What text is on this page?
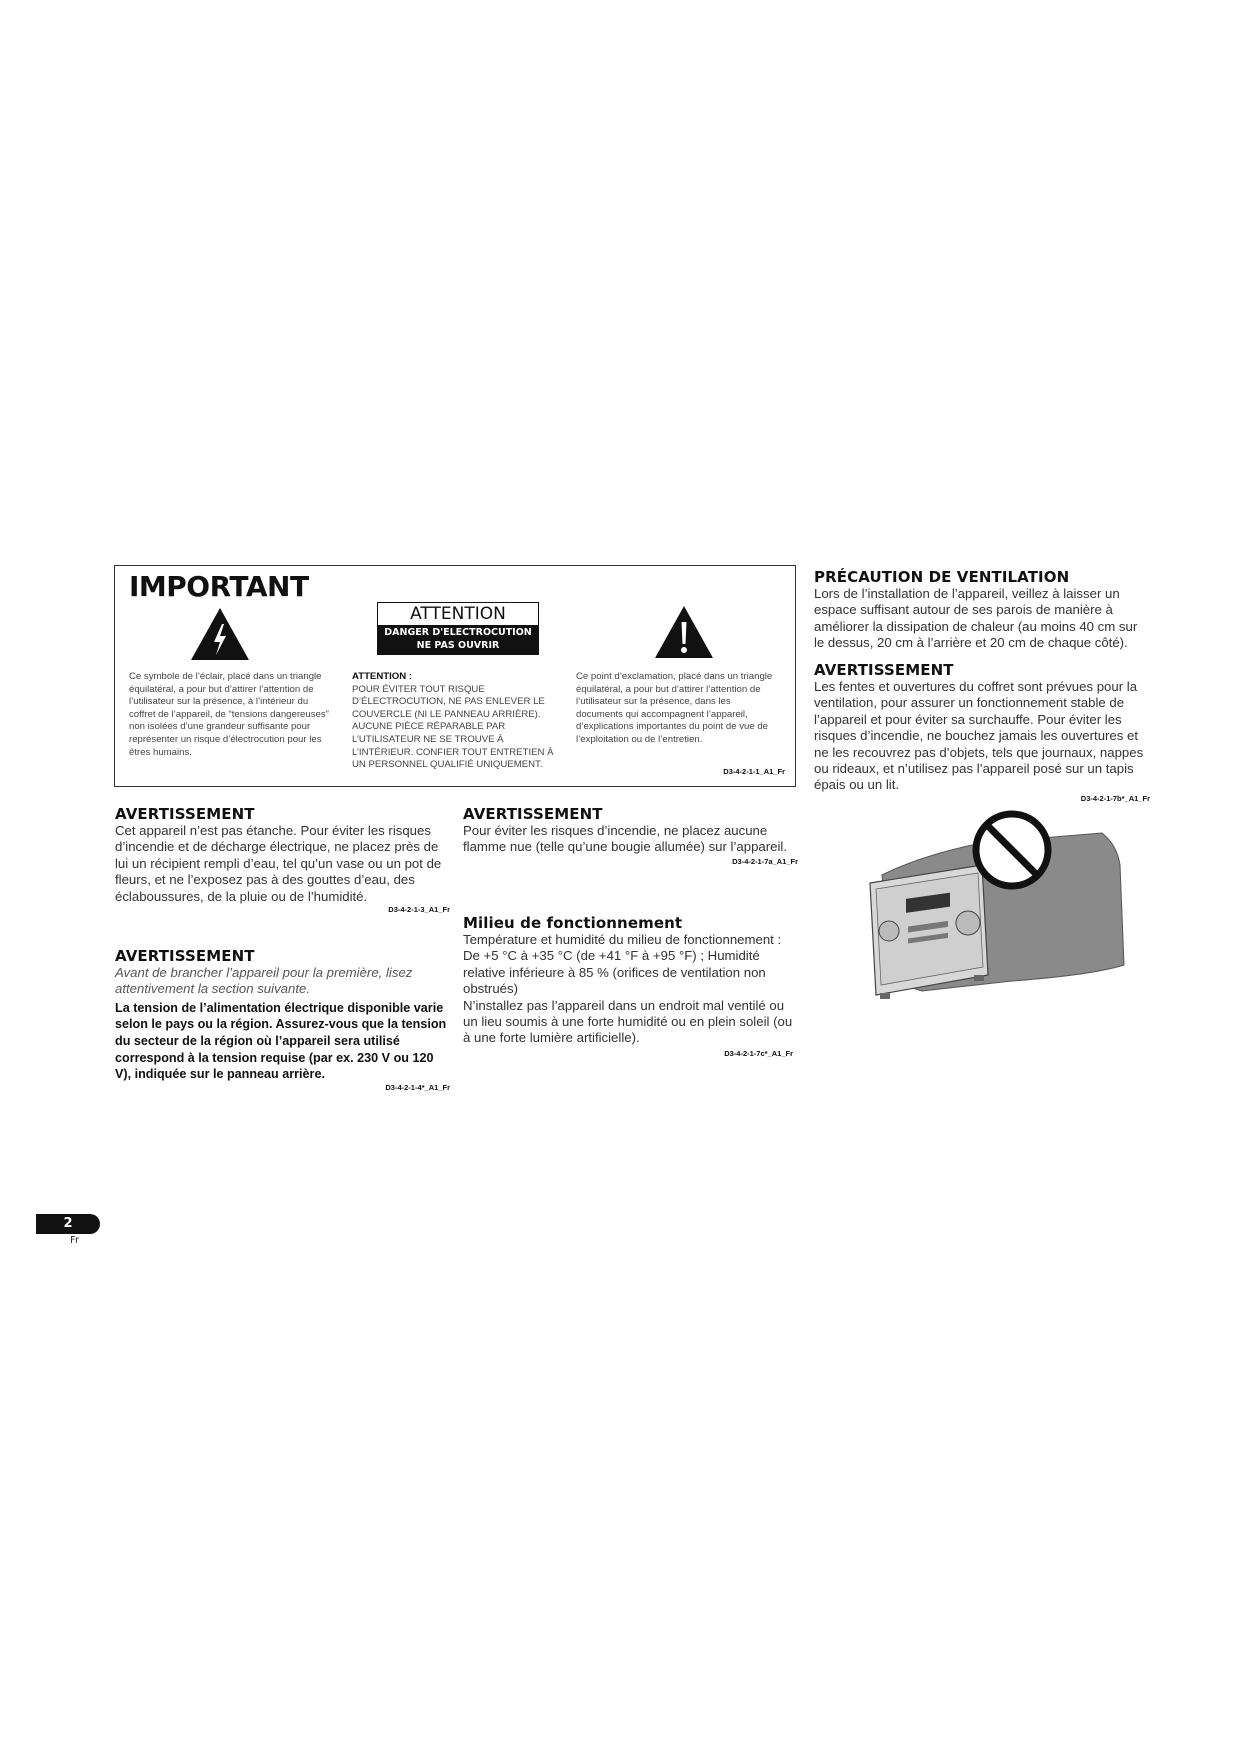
IMPORTANT
ATTENTION
DANGER D'ELECTROCUTION
NE PAS OUVRIR

Ce symbole de l’éclair, placé dans un triangle équilatéral, a pour but d’attirer l’attention de l’utilisateur sur la présence, à l’intérieur du coffret de l’appareil, de “tensions dangereuses” non isolées d’une grandeur suffisante pour représenter un risque d’électrocution pour les êtres humains.

ATTENTION :

POUR ÉVITER TOUT RISQUE D’ÉLECTROCUTION, NE PAS ENLEVER LE COUVERCLE (NI LE PANNEAU ARRIÈRE). AUCUNE PIÈCE RÉPARABLE PAR L’UTILISATEUR NE SE TROUVE À L’INTÉRIEUR. CONFIER TOUT ENTRETIEN À UN PERSONNEL QUALIFIÉ UNIQUEMENT.

Ce point d’exclamation, placé dans un triangle équilatéral, a pour but d’attirer l’attention de l’utilisateur sur la présence, dans les documents qui accompagnent l’appareil, d’explications importantes du point de vue de l’exploitation ou de l’entretien.

D3-4-2-1-1_A1_Fr
AVERTISSEMENT

Cet appareil n’est pas étanche. Pour éviter les risques d’incendie et de décharge électrique, ne placez près de lui un récipient rempli d’eau, tel qu’un vase ou un pot de fleurs, et ne l’exposez pas à des gouttes d’eau, des éclaboussures, de la pluie ou de l’humidité.

D3-4-2-1-3_A1_Fr
AVERTISSEMENT

Avant de brancher l’appareil pour la première, lisez attentivement la section suivante.

La tension de l’alimentation électrique disponible varie selon le pays ou la région. Assurez-vous que la tension du secteur de la région où l’appareil sera utilisé correspond à la tension requise (par ex. 230 V ou 120 V), indiquée sur le panneau arrière.

D3-4-2-1-4*_A1_Fr
AVERTISSEMENT

Pour éviter les risques d’incendie, ne placez aucune flamme nue (telle qu’une bougie allumée) sur l’appareil.

D3-4-2-1-7a_A1_Fr
Milieu de fonctionnement

Température et humidité du milieu de fonctionnement : De +5 °C à +35 °C (de +41 °F à +95 °F) ; Humidité relative inférieure à 85 % (orifices de ventilation non obstrués)

N’installez pas l’appareil dans un endroit mal ventilé ou un lieu soumis à une forte humidité ou en plein soleil (ou à une forte lumière artificielle).

D3-4-2-1-7c*_A1_Fr
PRÉCAUTION DE VENTILATION

Lors de l’installation de l’appareil, veillez à laisser un espace suffisant autour de ses parois de manière à améliorer la dissipation de chaleur (au moins 40 cm sur le dessus, 20 cm à l’arrière et 20 cm de chaque côté).

AVERTISSEMENT

Les fentes et ouvertures du coffret sont prévues pour la ventilation, pour assurer un fonctionnement stable de l’appareil et pour éviter sa surchauffe. Pour éviter les risques d’incendie, ne bouchez jamais les ouvertures et ne les recouvrez pas d’objets, tels que journaux, nappes ou rideaux, et n’utilisez pas l’appareil posé sur un tapis épais ou un lit.

D3-4-2-1-7b*_A1_Fr
2
Fr
